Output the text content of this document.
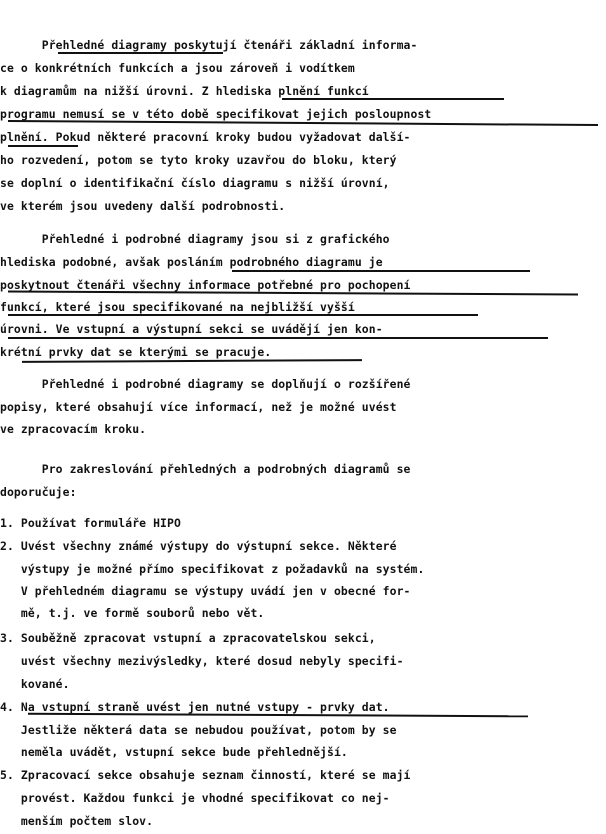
Přehledné diagramy poskytují čtenáři základní informa-
ce o konkrétních funkcích a jsou zároveň i vodítkem
k diagramům na nižší úrovni. Z hlediska plnění funkcí
programu nemusí se v této době specifikovat jejich posloupnost
plnění. Pokud některé pracovní kroky budou vyžadovat další-
ho rozvedení, potom se tyto kroky uzavřou do bloku, který
se doplní o identifikační číslo diagramu s nižší úrovní,
ve kterém jsou uvedeny další podrobnosti.
Přehledné i podrobné diagramy jsou si z grafického
hlediska podobné, avšak posláním podrobného diagramu je
poskytnout čtenáři všechny informace potřebné pro pochopení
funkcí, které jsou specifikované na nejbližší vyšší
úrovni. Ve vstupní a výstupní sekci se uvádějí jen kon-
krétní prvky dat se kterými se pracuje.
Přehledné i podrobné diagramy se doplňují o rozšířené
popisy, které obsahují více informací, než je možné uvést
ve zpracovacím kroku.
Pro zakreslování přehledných a podrobných diagramů se
doporučuje:
1. Používat formuláře HIPO
2. Uvést všechny známé výstupy do výstupní sekce. Některé
výstupy je možné přímo specifikovat z požadavků na systém.
V přehledném diagramu se výstupy uvádí jen v obecné for-
mě, t.j. ve formě souborů nebo vět.
3. Souběžně zpracovat vstupní a zpracovatelskou sekci,
uvést všechny mezivýsledky, které dosud nebyly specifi-
kované.
4. Na vstupní straně uvést jen nutné vstupy - prvky dat.
Jestliže některá data se nebudou používat, potom by se
neměla uvádět, vstupní sekce bude přehlednější.
5. Zpracovací sekce obsahuje seznam činností, které se mají
provést. Každou funkci je vhodné specifikovat co nej-
menším počtem slov.
